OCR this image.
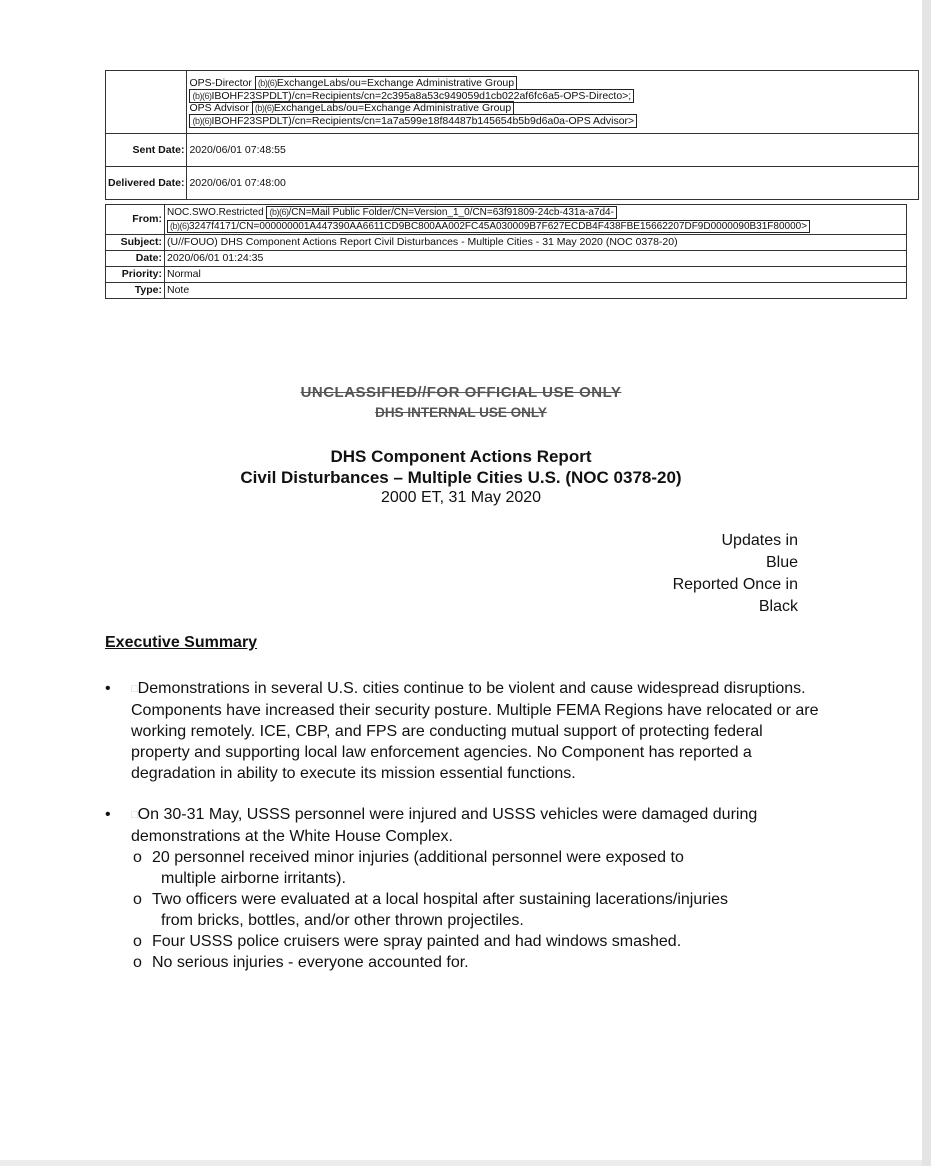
	OPS-Director (b)(6)ExchangeLabs/ou=Exchange Administrative Group
(b)(6)IBOHF23SPDLT)/cn=Recipients/cn=2c395a8a53c949059d1cb022af6fc6a5-OPS-Directo>;
OPS Advisor (b)(6)ExchangeLabs/ou=Exchange Administrative Group
(b)(6)IBOHF23SPDLT)/cn=Recipients/cn=1a7a599e18f84487b145654b5b9d6a0a-OPS Advisor>

Sent Date:	2020/06/01 07:48:55
Delivered Date:	2020/06/01 07:48:00
From:	NOC.SWO.Restricted (b)(6)/CN=Mail Public Folder/CN=Version_1_0/CN=63f91809-24cb-431a-a7d4-
(b)(6)3247f4171/CN=000000001A447390AA6611CD9BC800AA002FC45A030009B7F627ECDB4F438FBE15662207DF9D0000090B31F80000>

Subject:	(U//FOUO) DHS Component Actions Report Civil Disturbances - Multiple Cities - 31 May 2020 (NOC 0378-20)
Date:	2020/06/01 01:24:35
Priority:	Normal
Type:	Note
UNCLASSIFIED//FOR OFFICIAL USE ONLY
DHS INTERNAL USE ONLY
DHS Component Actions Report
Civil Disturbances – Multiple Cities U.S. (NOC 0378-20)
2000 ET, 31 May 2020
Updates in
Blue
Reported Once in
Black
Executive Summary
• □Demonstrations in several U.S. cities continue to be violent and cause widespread disruptions. Components have increased their security posture. Multiple FEMA Regions have relocated or are working remotely. ICE, CBP, and FPS are conducting mutual support of protecting federal property and supporting local law enforcement agencies. No Component has reported a degradation in ability to execute its mission essential functions.
• □On 30-31 May, USSS personnel were injured and USSS vehicles were damaged during demonstrations at the White House Complex.
o 20 personnel received minor injuries (additional personnel were exposed to
multiple airborne irritants).
o Two officers were evaluated at a local hospital after sustaining lacerations/injuries
from bricks, bottles, and/or other thrown projectiles.
o Four USSS police cruisers were spray painted and had windows smashed.
o No serious injuries - everyone accounted for.
